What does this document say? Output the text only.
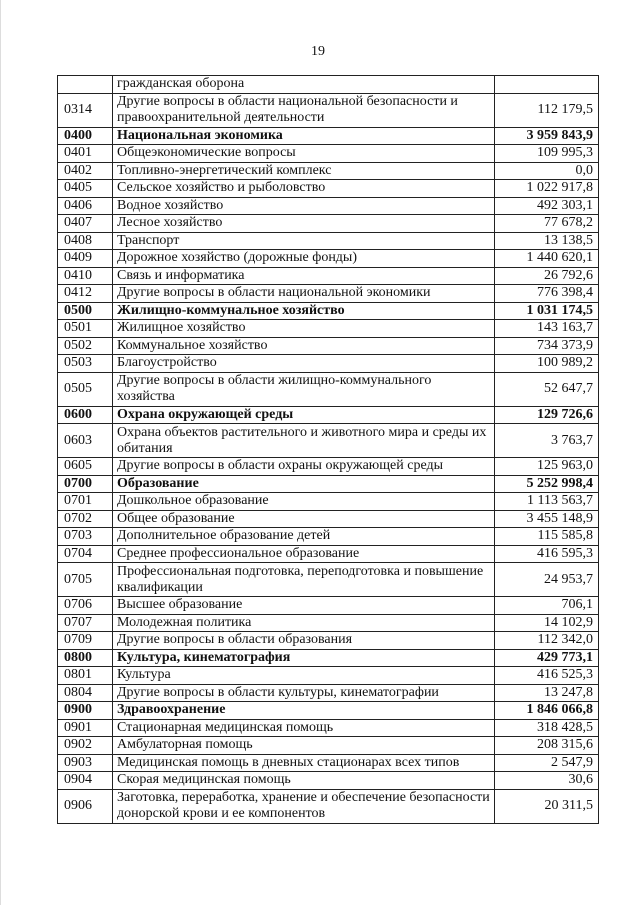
19
	гражданская оборона	
0314	Другие вопросы в области национальной безопасности и правоохранительной деятельности	112 179,5
0400	Национальная экономика	3 959 843,9
0401	Общеэкономические вопросы	109 995,3
0402	Топливно-энергетический комплекс	0,0
0405	Сельское хозяйство и рыболовство	1 022 917,8
0406	Водное хозяйство	492 303,1
0407	Лесное хозяйство	77 678,2
0408	Транспорт	13 138,5
0409	Дорожное хозяйство (дорожные фонды)	1 440 620,1
0410	Связь и информатика	26 792,6
0412	Другие вопросы в области национальной экономики	776 398,4
0500	Жилищно-коммунальное хозяйство	1 031 174,5
0501	Жилищное хозяйство	143 163,7
0502	Коммунальное хозяйство	734 373,9
0503	Благоустройство	100 989,2
0505	Другие вопросы в области жилищно-коммунального хозяйства	52 647,7
0600	Охрана окружающей среды	129 726,6
0603	Охрана объектов растительного и животного мира и среды их обитания	3 763,7
0605	Другие вопросы в области охраны окружающей среды	125 963,0
0700	Образование	5 252 998,4
0701	Дошкольное образование	1 113 563,7
0702	Общее образование	3 455 148,9
0703	Дополнительное образование детей	115 585,8
0704	Среднее профессиональное образование	416 595,3
0705	Профессиональная подготовка, переподготовка и повышение квалификации	24 953,7
0706	Высшее образование	706,1
0707	Молодежная политика	14 102,9
0709	Другие вопросы в области образования	112 342,0
0800	Культура, кинематография	429 773,1
0801	Культура	416 525,3
0804	Другие вопросы в области культуры, кинематографии	13 247,8
0900	Здравоохранение	1 846 066,8
0901	Стационарная медицинская помощь	318 428,5
0902	Амбулаторная помощь	208 315,6
0903	Медицинская помощь в дневных стационарах всех типов	2 547,9
0904	Скорая медицинская помощь	30,6
0906	Заготовка, переработка, хранение и обеспечение безопасности донорской крови и ее компонентов	20 311,5
